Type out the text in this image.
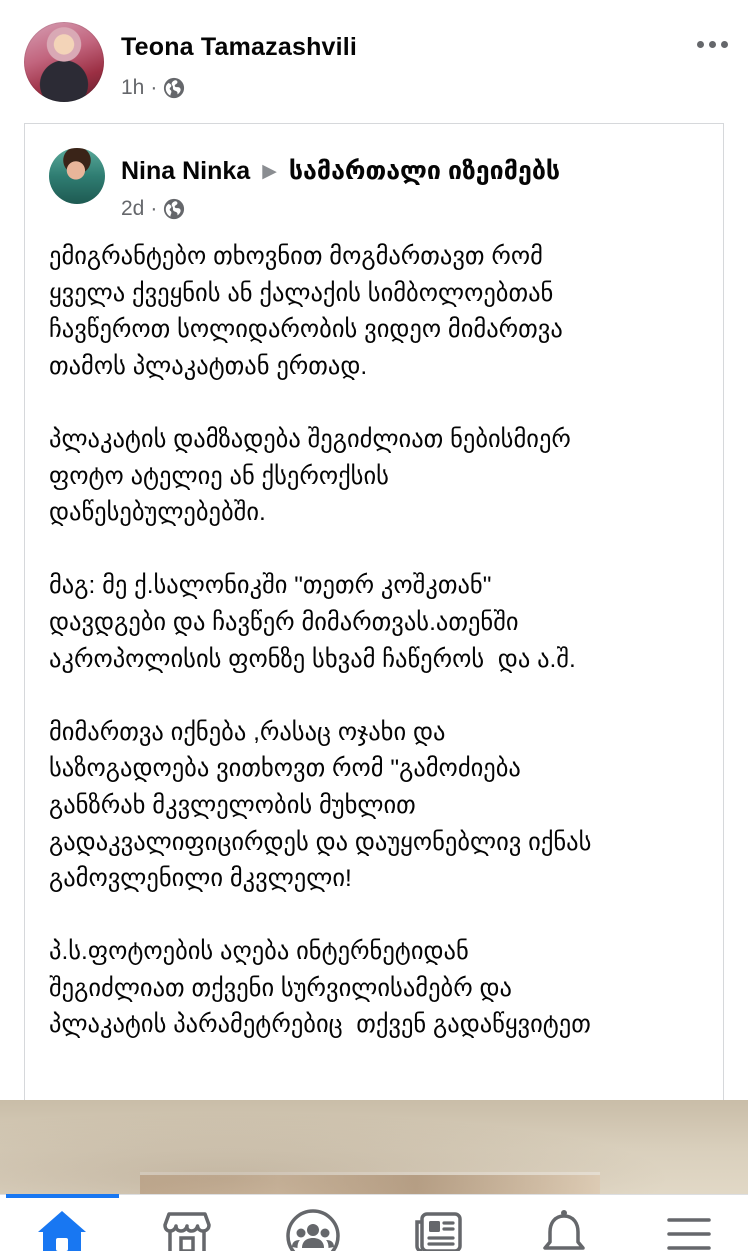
Teona Tamazashvili
1h ·
Nina Ninka ▶ სამართალი იზეიმებს
2d ·
ემიგრანტებო თხოვნით მოგმართავთ რომ
ყველა ქვეყნის ან ქალაქის სიმბოლოებთან
ჩავწეროთ სოლიდარობის ვიდეო მიმართვა
თამოს პლაკატთან ერთად.

პლაკატის დამზადება შეგიძლიათ ნებისმიერ
ფოტო ატელიე ან ქსეროქსის
დაწესებულებებში.

მაგ: მე ქ.სალონიკში "თეთრ კოშკთან"
დავდგები და ჩავწერ მიმართვას.ათენში
აკროპოლისის ფონზე სხვამ ჩაწეროს  და ა.შ.

მიმართვა იქნება ,რასაც ოჯახი და
საზოგადოება ვითხოვთ რომ "გამოძიება
განზრახ მკვლელობის მუხლით
გადაკვალიფიცირდეს და დაუყონებლივ იქნას
გამოვლენილი მკვლელი!

პ.ს.ფოტოების აღება ინტერნეტიდან
შეგიძლიათ თქვენი სურვილისამებრ და
პლაკატის პარამეტრებიც  თქვენ გადაწყვიტეთ
